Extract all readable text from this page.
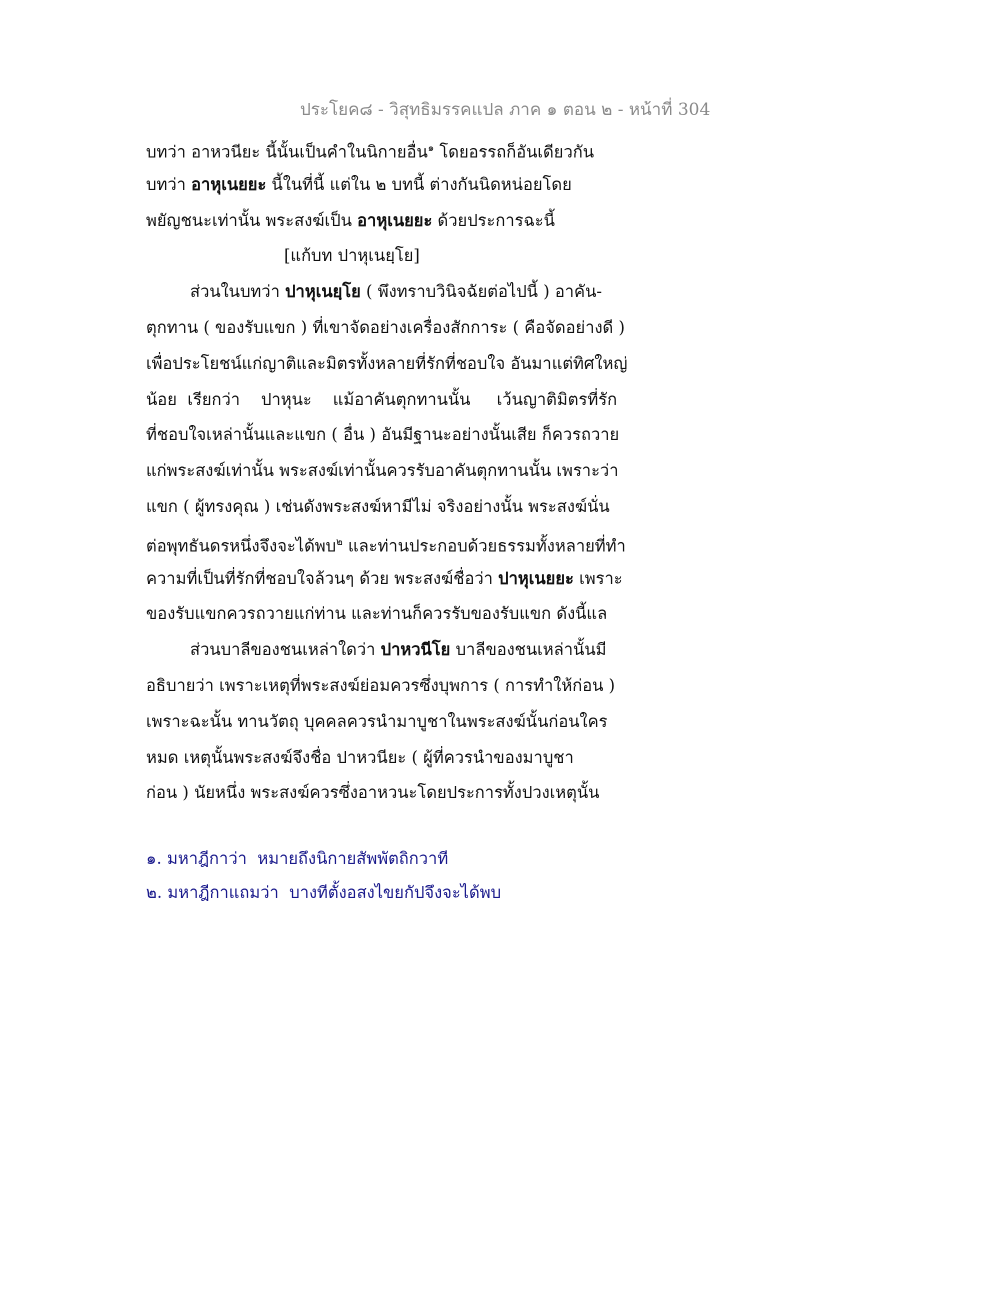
ประโยค๘ - วิสุทธิมรรคแปล ภาค ๑ ตอน ๒ - หน้าที่ 304
บทว่า อาหวนียะ นี้นั้นเป็นคำในนิกายอื่น$^๑$ โดยอรรถก็อันเดียวกัน
บทว่า อาหุเนยยะ นี้ในที่นี้ แต่ใน ๒ บทนี้ ต่างกันนิดหน่อยโดย
พยัญชนะเท่านั้น พระสงฆ์เป็น อาหุเนยยะ ด้วยประการฉะนี้
[แก้บท ปาหุเนยฺโย]
ส่วนในบทว่า ปาหุเนยฺโย ( พึงทราบวินิจฉัยต่อไปนี้ ) อาคัน-
ตุกทาน ( ของรับแขก ) ที่เขาจัดอย่างเครื่องสักการะ ( คือจัดอย่างดี )
เพื่อประโยชน์แก่ญาติและมิตรทั้งหลายที่รักที่ชอบใจ อันมาแต่ทิศใหญ่
น้อย  เรียกว่า    ปาหุนะ    แม้อาคันตุกทานนั้น     เว้นญาติมิตรที่รัก
ที่ชอบใจเหล่านั้นและแขก ( อื่น ) อันมีฐานะอย่างนั้นเสีย ก็ควรถวาย
แก่พระสงฆ์เท่านั้น พระสงฆ์เท่านั้นควรรับอาคันตุกทานนั้น เพราะว่า
แขก ( ผู้ทรงคุณ ) เช่นดังพระสงฆ์หามีไม่ จริงอย่างนั้น พระสงฆ์นั่น
ต่อพุทธันดรหนึ่งจึงจะได้พบ$^๒$ และท่านประกอบด้วยธรรมทั้งหลายที่ทำ
ความที่เป็นที่รักที่ชอบใจล้วนๆ ด้วย พระสงฆ์ชื่อว่า ปาหุเนยยะ เพราะ
ของรับแขกควรถวายแก่ท่าน และท่านก็ควรรับของรับแขก ดังนี้แล
ส่วนบาลีของชนเหล่าใดว่า ปาหวนีโย บาลีของชนเหล่านั้นมี
อธิบายว่า เพราะเหตุที่พระสงฆ์ย่อมควรซึ่งบุพการ ( การทำให้ก่อน )
เพราะฉะนั้น ทานวัตถุ บุคคลควรนำมาบูชาในพระสงฆ์นั้นก่อนใคร
หมด เหตุนั้นพระสงฆ์จึงชื่อ ปาหวนียะ ( ผู้ที่ควรนำของมาบูชา
ก่อน ) นัยหนึ่ง พระสงฆ์ควรซึ่งอาหวนะโดยประการทั้งปวงเหตุนั้น
๑. มหาฎีกาว่า  หมายถึงนิกายสัพพัตถิกวาที
๒. มหาฎีกาแถมว่า  บางทีตั้งอสงไขยกัปจึงจะได้พบ
